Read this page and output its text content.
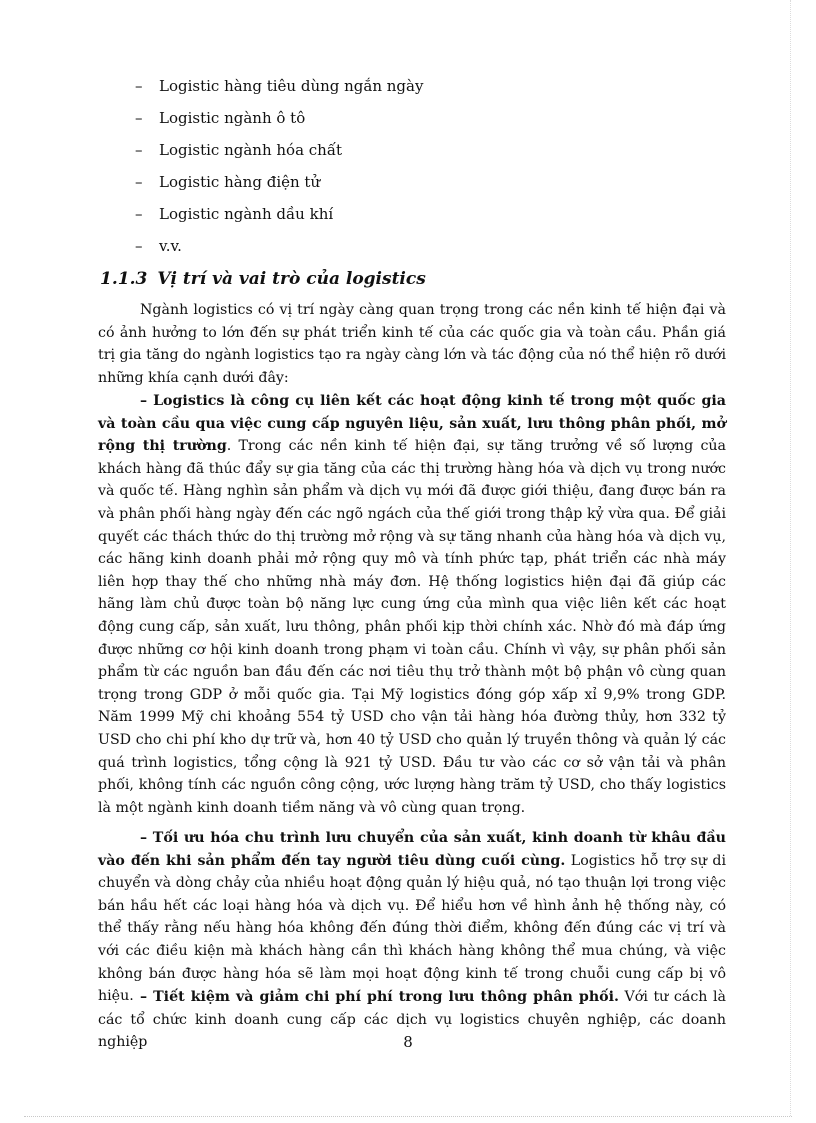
– Logistic hàng tiêu dùng ngắn ngày
– Logistic ngành ô tô
– Logistic ngành hóa chất
– Logistic hàng điện tử
– Logistic ngành dầu khí
– v.v.
1.1.3 Vị trí và vai trò của logistics

Ngành logistics có vị trí ngày càng quan trọng trong các nền kinh tế hiện đại và có ảnh hưởng to lớn đến sự phát triển kinh tế của các quốc gia và toàn cầu. Phần giá trị gia tăng do ngành logistics tạo ra ngày càng lớn và tác động của nó thể hiện rõ dưới những khía cạnh dưới đây:

– Logistics là công cụ liên kết các hoạt động kinh tế trong một quốc gia và toàn cầu qua việc cung cấp nguyên liệu, sản xuất, lưu thông phân phối, mở rộng thị trường. Trong các nền kinh tế hiện đại, sự tăng trưởng về số lượng của khách hàng đã thúc đẩy sự gia tăng của các thị trường hàng hóa và dịch vụ trong nước và quốc tế. Hàng nghìn sản phẩm và dịch vụ mới đã được giới thiệu, đang được bán ra và phân phối hàng ngày đến các ngõ ngách của thế giới trong thập kỷ vừa qua. Để giải quyết các thách thức do thị trường mở rộng và sự tăng nhanh của hàng hóa và dịch vụ, các hãng kinh doanh phải mở rộng quy mô và tính phức tạp, phát triển các nhà máy liên hợp thay thế cho những nhà máy đơn. Hệ thống logistics hiện đại đã giúp các hãng làm chủ được toàn bộ năng lực cung ứng của mình qua việc liên kết các hoạt động cung cấp, sản xuất, lưu thông, phân phối kịp thời chính xác. Nhờ đó mà đáp ứng được những cơ hội kinh doanh trong phạm vi toàn cầu. Chính vì vậy, sự phân phối sản phẩm từ các nguồn ban đầu đến các nơi tiêu thụ trở thành một bộ phận vô cùng quan trọng trong GDP ở mỗi quốc gia. Tại Mỹ logistics đóng góp xấp xỉ 9,9% trong GDP. Năm 1999 Mỹ chi khoảng 554 tỷ USD cho vận tải hàng hóa đường thủy, hơn 332 tỷ USD cho chi phí kho dự trữ và, hơn 40 tỷ USD cho quản lý truyền thông và quản lý các quá trình logistics, tổng cộng là 921 tỷ USD. Đầu tư vào các cơ sở vận tải và phân phối, không tính các nguồn công cộng, ước lượng hàng trăm tỷ USD, cho thấy logistics là một ngành kinh doanh tiềm năng và vô cùng quan trọng.

– Tối ưu hóa chu trình lưu chuyển của sản xuất, kinh doanh từ khâu đầu vào đến khi sản phẩm đến tay người tiêu dùng cuối cùng. Logistics hỗ trợ sự di chuyển và dòng chảy của nhiều hoạt động quản lý hiệu quả, nó tạo thuận lợi trong việc bán hầu hết các loại hàng hóa và dịch vụ. Để hiểu hơn về hình ảnh hệ thống này, có thể thấy rằng nếu hàng hóa không đến đúng thời điểm, không đến đúng các vị trí và với các điều kiện mà khách hàng cần thì khách hàng không thể mua chúng, và việc không bán được hàng hóa sẽ làm mọi hoạt động kinh tế trong chuỗi cung cấp bị vô hiệu. – Tiết kiệm và giảm chi phí phí trong lưu thông phân phối. Với tư cách là các tổ chức kinh doanh cung cấp các dịch vụ logistics chuyên nghiệp, các doanh nghiệp	8
